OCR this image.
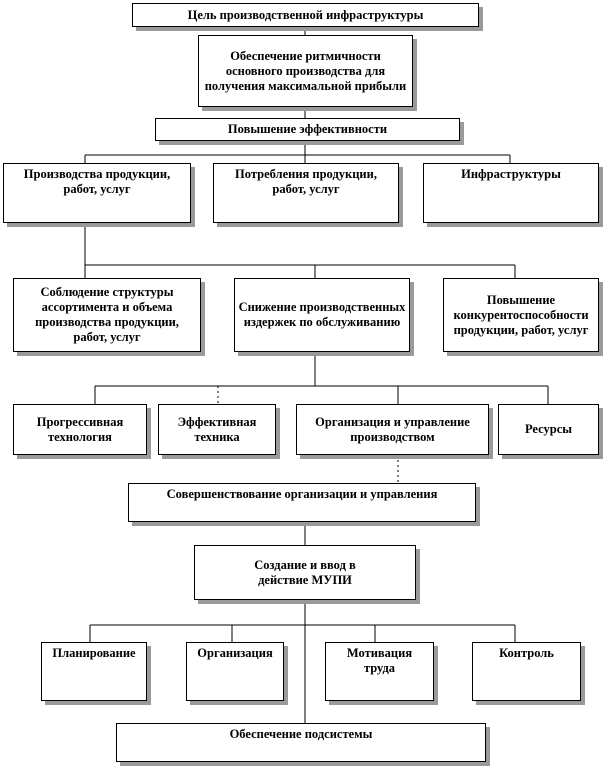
Цель производственной инфраструктуры
Обеспечение ритмичности основного производства для получения максимальной прибыли
Повышение эффективности
Производства продукции, работ, услуг
Потребления продукции, работ, услуг
Инфраструктуры
Соблюдение структуры ассортимента и объема производства продукции, работ, услуг
Снижение производственных издержек по обслуживанию
Повышение конкурентоспособности продукции, работ, услуг
Прогрессивная технология
Эффективная техника
Организация и управление производством
Ресурсы
Совершенствование организации и управления
Создание и ввод в действие МУПИ
Планирование	Организация	Мотивация труда
Контроль
Обеспечение подсистемы
